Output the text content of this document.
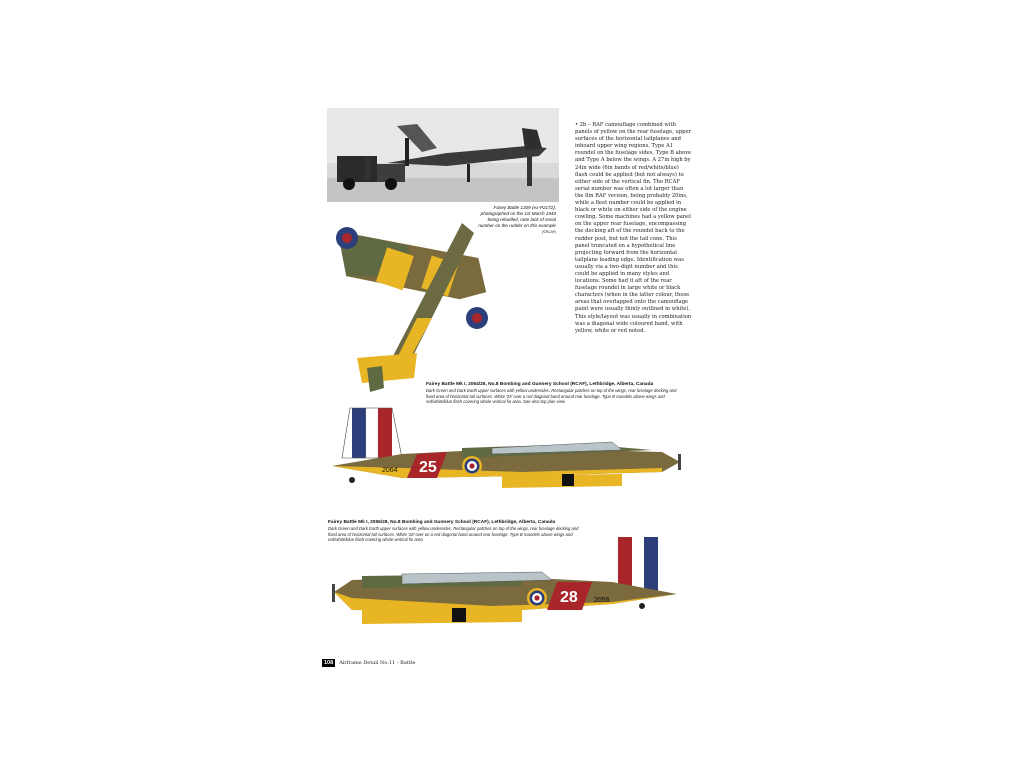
• 2b – RAF camouflage combined with panels of yellow on the rear fuselage, upper surfaces of the horizontal tailplanes and inboard upper wing regions. Type A1 roundel on the fuselage sides, Type B above and Type A below the wings. A 27in high by 24in wide (6in bands of red/white/blue) flash could be applied (but not always) to either side of the vertical fin. The RCAF serial number was often a lot larger than the 8in RAF version, being probably 20ins, while a fleet number could be applied in black or white on either side of the engine cowling. Some machines had a yellow panel on the upper rear fuselage, encompassing the decking aft of the roundel back to the rudder post, but not the tail cone. This panel truncated on a hypothetical line projecting forward from the horizontal tailplane leading edge. Identification was usually via a two-digit number and this could be applied in many styles and locations. Some had it aft of the rear fuselage roundel in large white or black characters (when in the latter colour, those areas that overlapped onto the camouflage paint were usually thinly outlined in white). This style/layout was usually in combination was a diagonal wide coloured band, with yellow, white or red noted.
Fairey Battle 1309 (ex-P2172), photographed on the 1st March 1940 being refuelled, note lack of serial number on the rudder on this example (©RCAF)
Fairey Battle Mk I, 2064/25, No.8 Bombing and Gunnery School (RCAF), Lethbridge, Alberta, Canada
Dark Green and Dark Earth upper surfaces with yellow undersides. Rectangular patches on top of the wings, rear fuselage decking and fixed area of horizontal tail surfaces. White '25' over a red diagonal band around rear fuselage. Type B roundels above wings and red/white/blue flash covering whole vertical fin area. See also top plan view
25
2064
Fairey Battle Mk I, 2056/28, No.8 Bombing and Gunnery School (RCAF), Lethbridge, Alberta, Canada
Dark Green and Dark Earth upper surfaces with yellow undersides. Rectangular patches on top of the wings, rear fuselage decking and fixed area of horizontal tail surfaces. White '28' over on a red diagonal band around rear fuselage. Type B roundels above wings and red/white/blue flash covering whole vertical fin area
28 2056
108	Airframe Detail No.11 - Battle
